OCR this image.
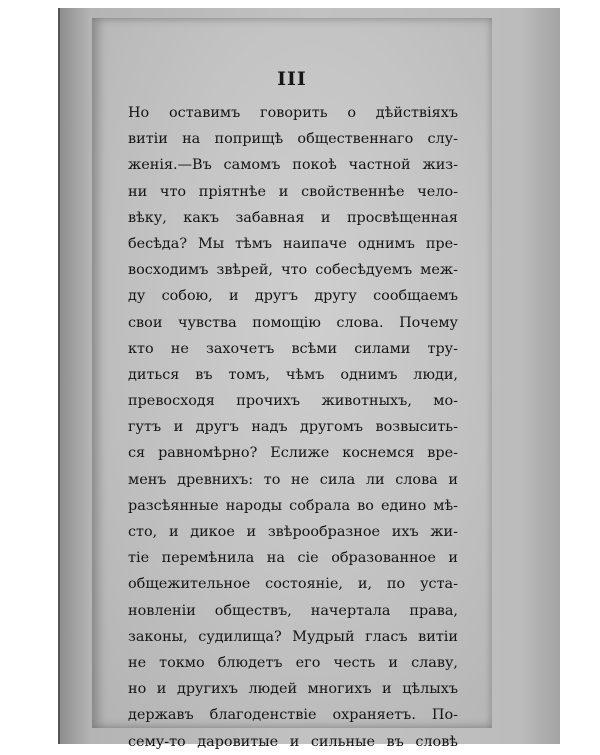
III
Но оставимъ говорить о дѣйствіяхъ
витіи на поприщѣ общественнаго слу-
женія.—Въ самомъ покоѣ частной жиз-
ни что пріятнѣе и свойственнѣе чело-
вѣку, какъ забавная и просвѣщенная
бесѣда? Мы тѣмъ наипаче однимъ пре-
восходимъ звѣрей, что собесѣдуемъ меж-
ду собою, и другъ другу сообщаемъ
свои чувства помощію слова. Почему
кто не захочетъ всѣми силами тру-
диться въ томъ, чѣмъ однимъ люди,
превосходя прочихъ животныхъ, мо-
гутъ и другъ надъ другомъ возвысить-
ся равномѣрно? Еслиже коснемся вре-
менъ древнихъ: то не сила ли слова и
разсѣянные народы собрала во едино мѣ-
сто, и дикое и звѣрообразное ихъ жи-
тіе перемѣнила на сіе образованное и
общежительное состояніе, и, по уста-
новленіи обществъ, начертала права,
законы, судилища? Мудрый гласъ витіи
не токмо блюдетъ его честь и славу,
но и другихъ людей многихъ и цѣлыхъ
державъ благоденствіе охраняетъ. По-
сему-то даровитые и сильные въ словѣ
